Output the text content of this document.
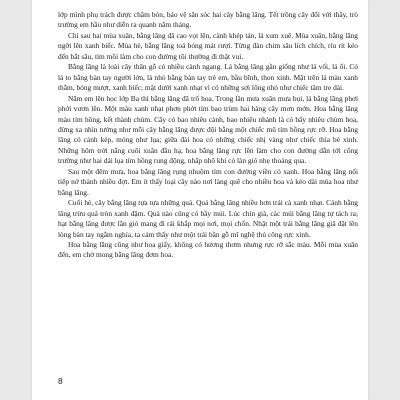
lớp mình phụ trách được chăm bón, bảo vệ săn sóc hai cây bằng lăng. Tết trồng cây đổi với thầy, trò trường em hầu như diễn ra quanh năm tháng.

Chỉ sau hai mùa xuân, bằng lăng đã cao vọt lên, cành khép tán, lá xum xuê. Mùa xuân, bằng lăng ngời lên xanh biếc. Mùa hè, bằng lăng toả bóng mát rượi. Từng đàn chim sâu lích chích, ríu rít kéo đến bắt sâu, tìm mồi làm cho con đường tôi thường đi thật vui.

Bằng lăng là loài cây thân gỗ có nhiều cành ngang. Lá bằng lăng gần giống như lá vối, lá ổi. Có lá to bằng bàn tay người lớn, là nhỏ bằng bàn tay trẻ em, bầu bĩnh, thon xinh. Mặt trên lá màu xanh thẫm, bóng mượt, xanh biếc; mặt dưới xanh nhạt vì có những sợi lông nhỏ như chiếc tăm tre dài.

Năm em lên học lớp Ba thì bằng lăng đã trổ hoa. Trong lần mưa xuân mưa bụi, lá bằng lăng phơi phới vươn lên. Một màu xanh nhạt phơn phớt tím bao trùm hai hàng cây mơn mởn. Hoa bằng lăng màu tím hồng, kết thành chùm. Cây có bao nhiêu cành, bao nhiêu nhánh là có bấy nhiêu chùm hoa, đừng xa nhìn tưởng như mỗi cây bằng lăng được đội bằng một chiếc mũ tím hồng rực rỡ. Hoa bằng lăng có cánh kép, mỏng như lụa; giữa đài hoa có những chiếc nhị vàng như chiếc thìa bé xinh. Những hôm trời nắng cuối xuân đầu hạ, hoa bằng lăng rực lên làm cho con đường dẫn tới cổng trường như hai dải lụa tím hồng rung động, nhấp nhô khi có làn gió nhẹ thoảng qua.

Sau một đêm mưa, hoa bằng lăng rụng nhuộm tím con đường viền cỏ xanh. Hoa bằng lăng nối tiếp nở thành nhiều đợt. Em ít thấy loại cây nào nơi làng quê cho nhiều hoa và kéo dài mùa hoa như bằng lăng.

Cuối hè, cây bằng lăng tựa tựa những quả. Quả bằng lăng nhiều hơn trái cà xanh nhạt. Cánh bằng lăng trừu quả tròn xanh đậm. Quả nào cũng có bầy múi. Lúc chín già, các múi bằng lăng tự tách ra; hạt bằng lăng được lần gió mang đi rải khắp mọi nơi, mọi chốn. Nhặt một trái bằng lăng giã đặt lên lòng bàn tay ngắm nghía, ta cảm thấy như một trái bần gỗ mĩ nghệ thủ công rực xinh.

Hoa bằng lăng cũng như hoa giấy, không có hương thơm nhưng rực rỡ sắc màu. Mỗi mùa xuân đến, em chờ mong bằng lăng đơm hoa.

8
